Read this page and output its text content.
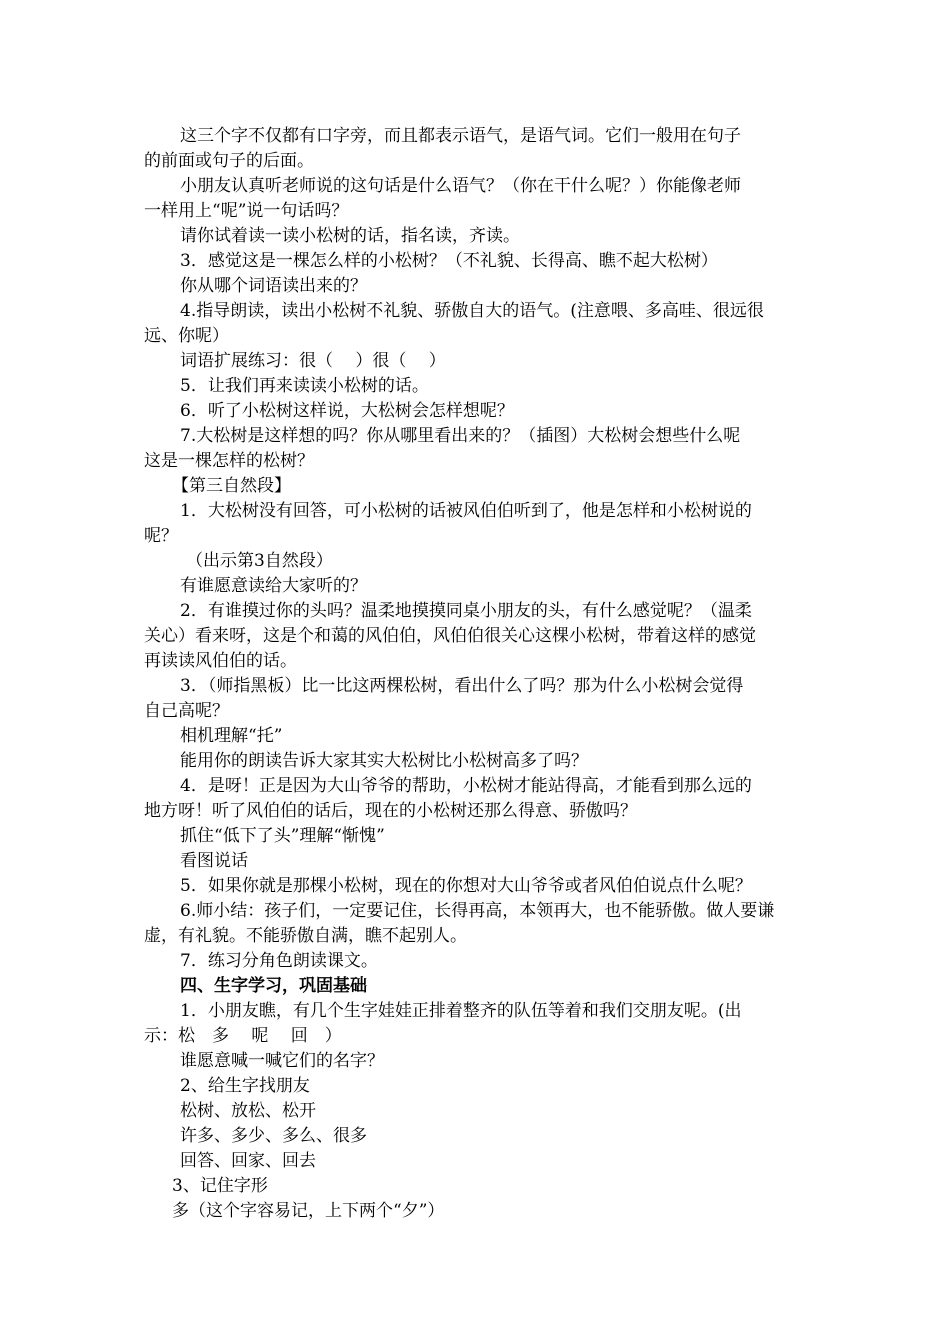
这三个字不仅都有口字旁，而且都表示语气，是语气词。它们一般用在句子
的前面或句子的后面。
小朋友认真听老师说的这句话是什么语气？（你在干什么呢？）你能像老师
一样用上“呢”说一句话吗？
请你试着读一读小松树的话，指名读，齐读。
3．感觉这是一棵怎么样的小松树？（不礼貌、长得高、瞧不起大松树）
你从哪个词语读出来的？
4.指导朗读，读出小松树不礼貌、骄傲自大的语气。(注意喂、多高哇、很远很
远、你呢）
词语扩展练习：很（　 ）很（　 ）
5．让我们再来读读小松树的话。
6．听了小松树这样说，大松树会怎样想呢？
7.大松树是这样想的吗？你从哪里看出来的？（插图）大松树会想些什么呢
这是一棵怎样的松树？
【第三自然段】
1．大松树没有回答，可小松树的话被风伯伯听到了，他是怎样和小松树说的
呢？
（出示第3自然段）
有谁愿意读给大家听的？
2．有谁摸过你的头吗？温柔地摸摸同桌小朋友的头，有什么感觉呢？（温柔
关心）看来呀，这是个和蔼的风伯伯，风伯伯很关心这棵小松树，带着这样的感觉
再读读风伯伯的话。
3．（师指黑板）比一比这两棵松树，看出什么了吗？那为什么小松树会觉得
自己高呢？
相机理解“托”
能用你的朗读告诉大家其实大松树比小松树高多了吗？
4．是呀！正是因为大山爷爷的帮助，小松树才能站得高，才能看到那么远的
地方呀！听了风伯伯的话后，现在的小松树还那么得意、骄傲吗？
抓住“低下了头”理解“惭愧”
看图说话
5．如果你就是那棵小松树，现在的你想对大山爷爷或者风伯伯说点什么呢？
6.师小结：孩子们，一定要记住，长得再高，本领再大，也不能骄傲。做人要谦
虚，有礼貌。不能骄傲自满，瞧不起别人。
7．练习分角色朗读课文。
四、生字学习，巩固基础
1．小朋友瞧，有几个生字娃娃正排着整齐的队伍等着和我们交朋友呢。(出
示：松　多　 呢　 回　）
谁愿意喊一喊它们的名字？
2、给生字找朋友
松树、放松、松开
许多、多少、多么、很多
回答、回家、回去
3、记住字形
多（这个字容易记，上下两个“夕”）
